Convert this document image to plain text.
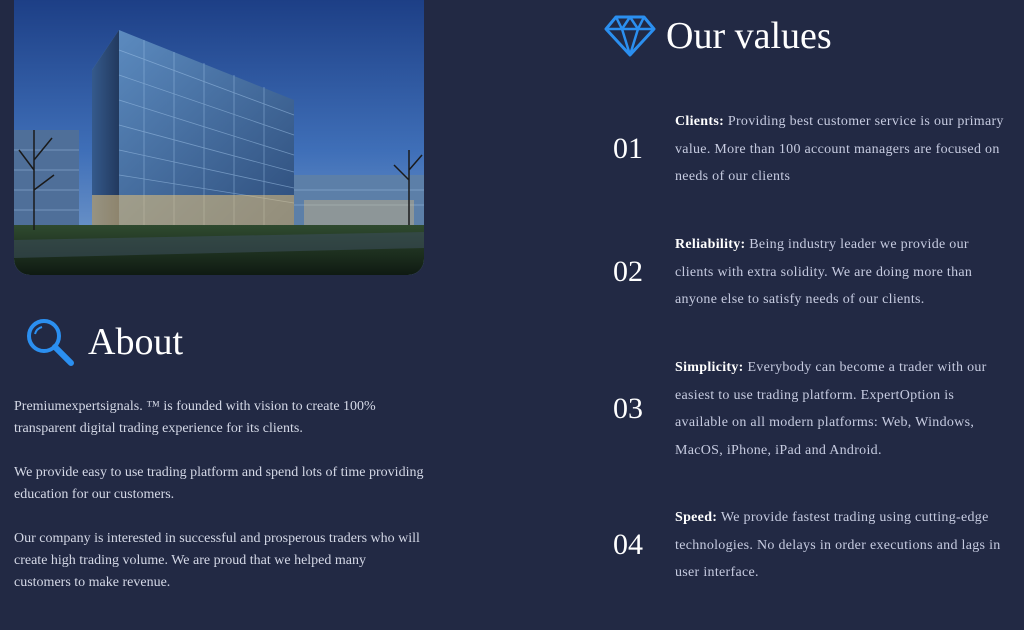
About

Premiumexpertsignals. ™ is founded with vision to create 100% transparent digital trading experience for its clients.

We provide easy to use trading platform and spend lots of time providing education for our customers.

Our company is interested in successful and prosperous traders who will create high trading volume. We are proud that we helped many customers to make revenue.

Our values
01
Clients: Providing best customer service is our primary value. More than 100 account managers are focused on needs of our clients
02
Reliability: Being industry leader we provide our clients with extra solidity. We are doing more than anyone else to satisfy needs of our clients.
03
Simplicity: Everybody can become a trader with our easiest to use trading platform. ExpertOption is available on all modern platforms: Web, Windows, MacOS, iPhone, iPad and Android.
04
Speed: We provide fastest trading using cutting-edge technologies. No delays in order executions and lags in user interface.
